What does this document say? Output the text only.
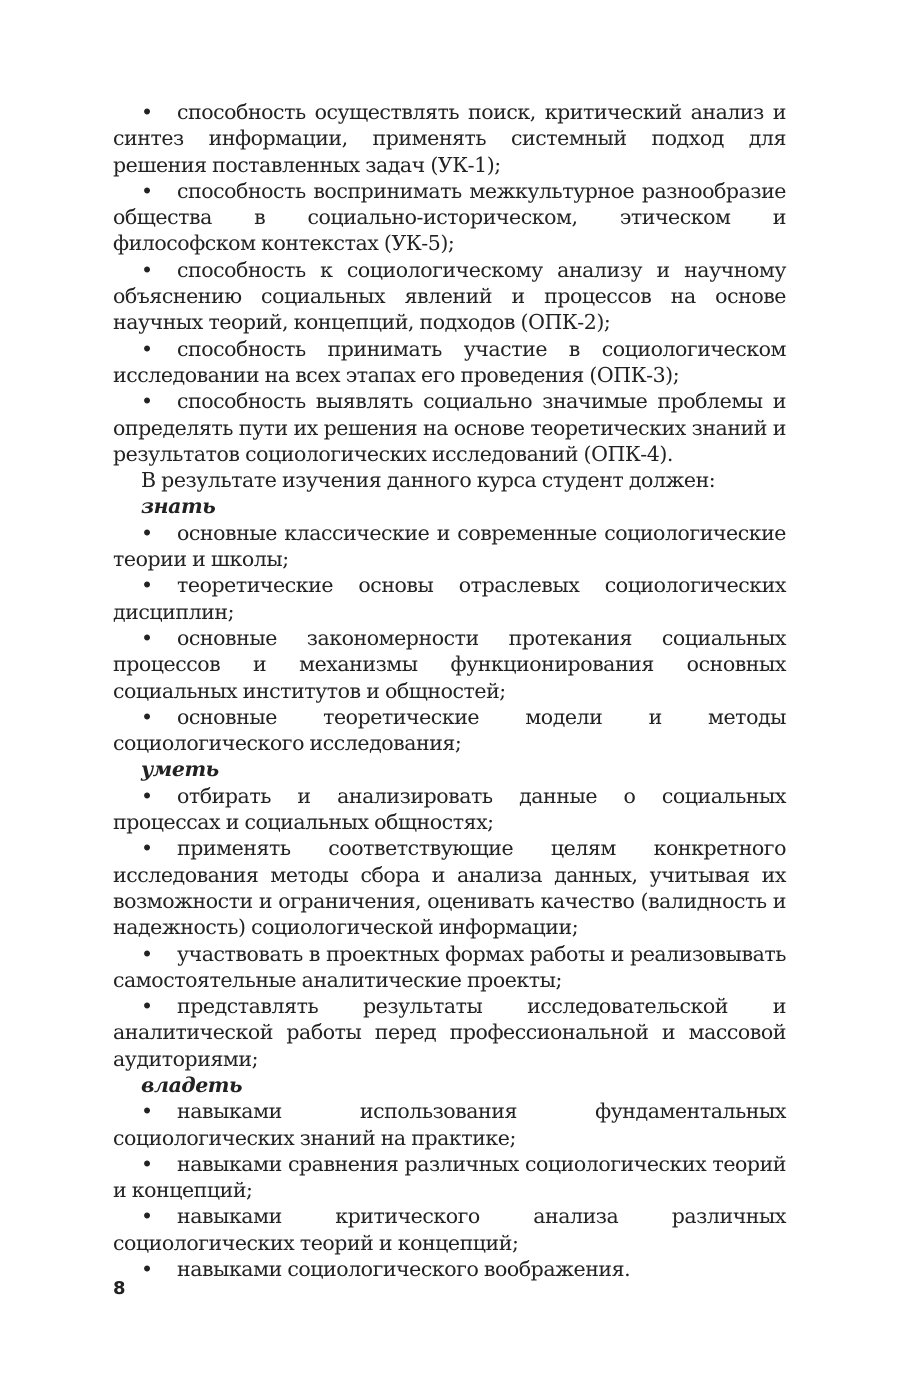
• способность осуществлять поиск, критический анализ и синтез информации, применять системный подход для решения поставленных задач (УК-1);

• способность воспринимать межкультурное разнообразие общества в социально-историческом, этическом и философском контекстах (УК-5);

• способность к социологическому анализу и научному объяснению социальных явлений и процессов на основе научных теорий, концепций, подходов (ОПК-2);

• способность принимать участие в социологическом исследовании на всех этапах его проведения (ОПК-3);

• способность выявлять социально значимые проблемы и определять пути их решения на основе теоретических знаний и результатов социологических исследований (ОПК-4).

В результате изучения данного курса студент должен:

знать

• основные классические и современные социологические теории и школы;

• теоретические основы отраслевых социологических дисциплин;

• основные закономерности протекания социальных процессов и механизмы функционирования основных социальных институтов и общностей;

• основные теоретические модели и методы социологического исследования;

уметь

• отбирать и анализировать данные о социальных процессах и социальных общностях;

• применять соответствующие целям конкретного исследования методы сбора и анализа данных, учитывая их возможности и ограничения, оценивать качество (валидность и надежность) социологической информации;

• участвовать в проектных формах работы и реализовывать самостоятельные аналитические проекты;

• представлять результаты исследовательской и аналитической работы перед профессиональной и массовой аудиториями;

владеть

• навыками использования фундаментальных социологических знаний на практике;

• навыками сравнения различных социологических теорий и концепций;

• навыками критического анализа различных социологических теорий и концепций;

• навыками социологического воображения.

8
